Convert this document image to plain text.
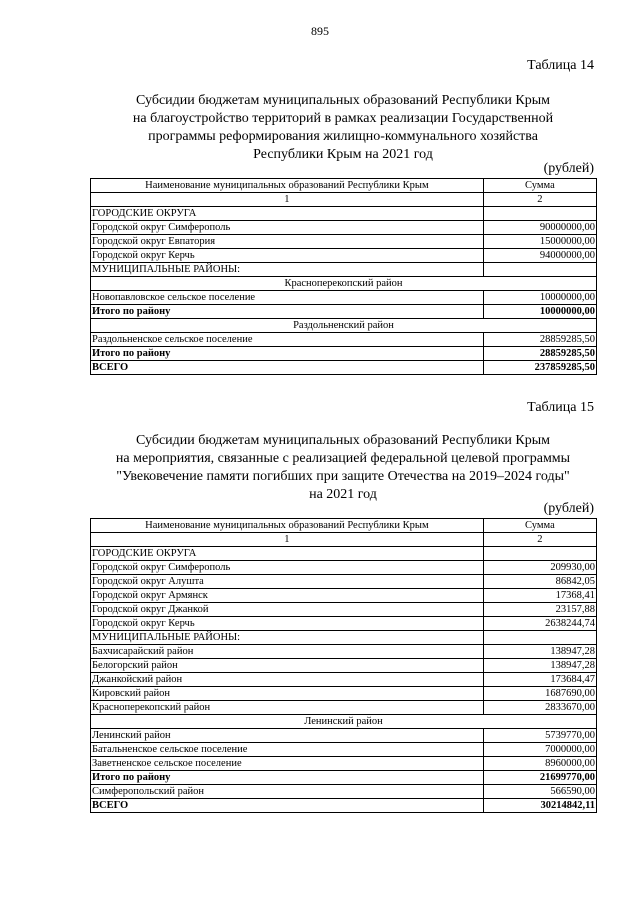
895
Таблица 14
Субсидии бюджетам муниципальных образований Республики Крым
на благоустройство территорий в рамках реализации Государственной
программы реформирования жилищно-коммунального хозяйства
Республики Крым на 2021 год
(рублей)
Наименование муниципальных образований Республики Крым	Сумма
1	2
ГОРОДСКИЕ ОКРУГА	
Городской округ Симферополь	90000000,00
Городской округ Евпатория	15000000,00
Городской округ Керчь	94000000,00
МУНИЦИПАЛЬНЫЕ РАЙОНЫ:	
Красноперекопский район	
Новопавловское сельское поселение	10000000,00
Итого по району	10000000,00
Раздольненский район	
Раздольненское сельское поселение	28859285,50
Итого по району	28859285,50
ВСЕГО	237859285,50
Таблица 15
Субсидии бюджетам муниципальных образований Республики Крым
на мероприятия, связанные с реализацией федеральной целевой программы
"Увековечение памяти погибших при защите Отечества на 2019–2024 годы"
на 2021 год
(рублей)
Наименование муниципальных образований Республики Крым	Сумма
1	2
ГОРОДСКИЕ ОКРУГА	
Городской округ Симферополь	209930,00
Городской округ Алушта	86842,05
Городской округ Армянск	17368,41
Городской округ Джанкой	23157,88
Городской округ Керчь	2638244,74
МУНИЦИПАЛЬНЫЕ РАЙОНЫ:	
Бахчисарайский район	138947,28
Белогорский район	138947,28
Джанкойский район	173684,47
Кировский район	1687690,00
Красноперекопский район	2833670,00
Ленинский район	
Ленинский район	5739770,00
Батальненское сельское поселение	7000000,00
Заветненское сельское поселение	8960000,00
Итого по району	21699770,00
Симферопольский район	566590,00
ВСЕГО	30214842,11
